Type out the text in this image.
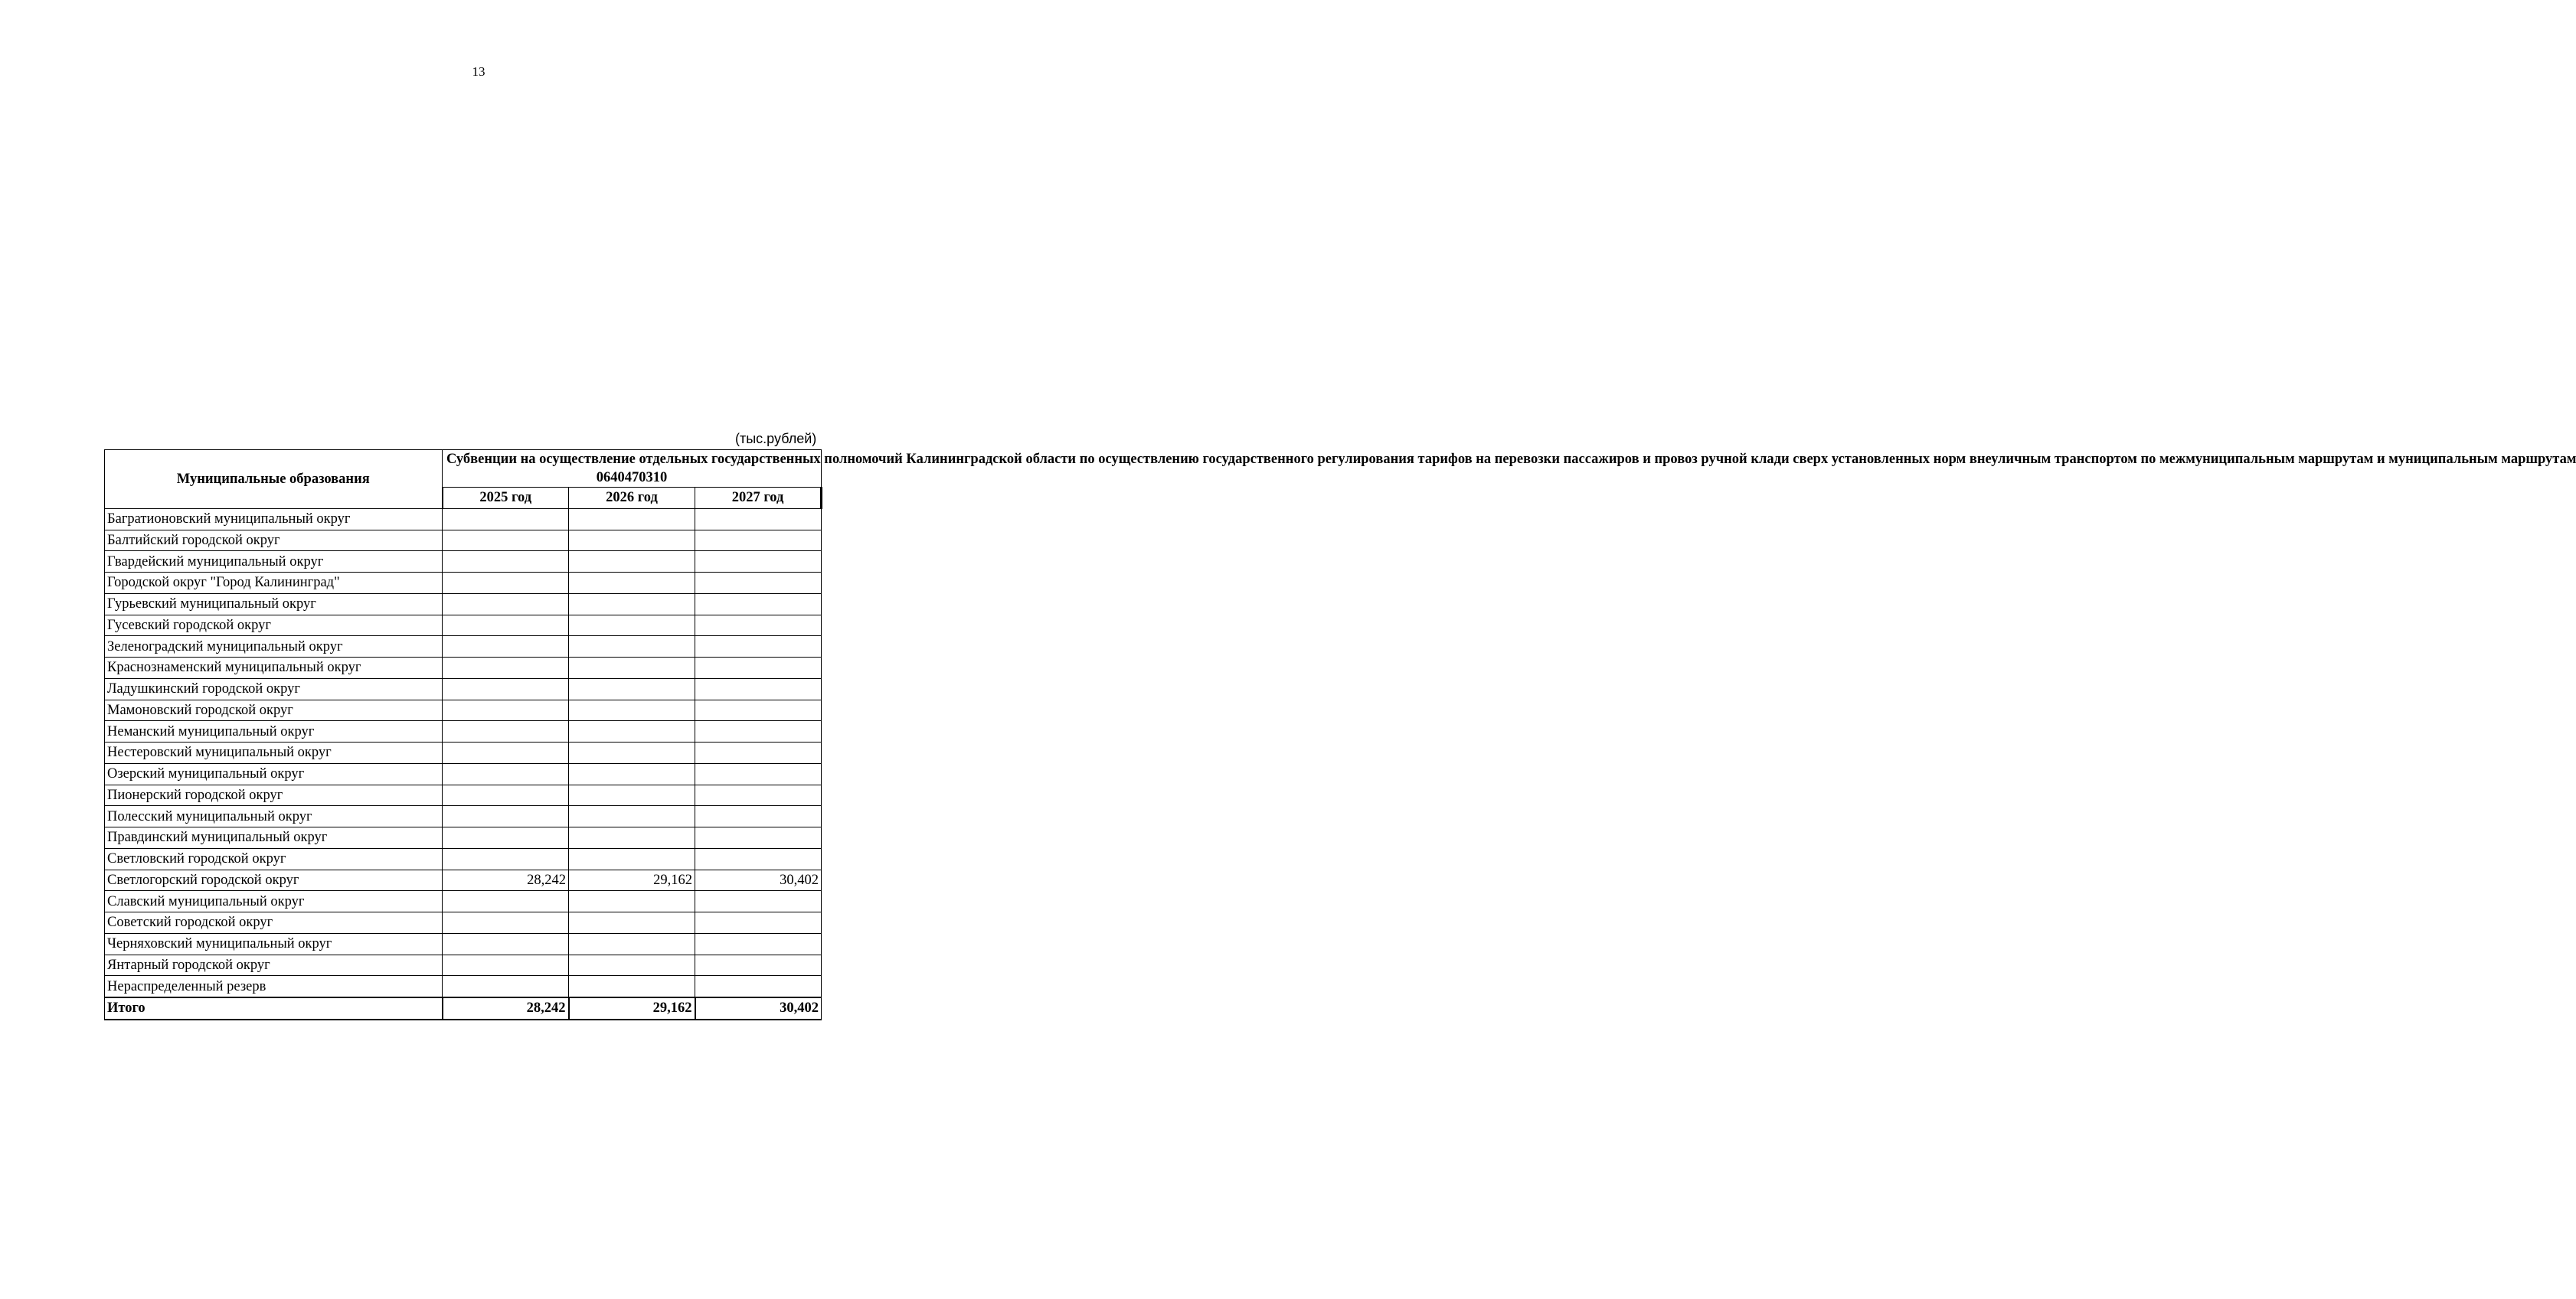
13
(тыс.рублей)
Муниципальные образования	Субвенции на осуществление отдельных государственных полномочий Калининградской области по осуществлению государственного регулирования тарифов на перевозки пассажиров и провоз ручной клади сверх установленных норм внеуличным транспортом по межмуниципальным маршрутам и муниципальным маршрутам
0640470310		

	2025 год	2026 год	2027 год
Багратионовский муниципальный округ			
Балтийский городской округ			
Гвардейский муниципальный округ			
Городской округ "Город Калининград"			
Гурьевский муниципальный округ			
Гусевский городской округ			
Зеленоградский муниципальный округ			
Краснознаменский муниципальный округ			
Ладушкинский городской округ			
Мамоновский городской округ			
Неманский муниципальный округ			
Нестеровский муниципальный округ			
Озерский муниципальный округ			
Пионерский городской округ			
Полесский муниципальный округ			
Правдинский муниципальный округ			
Светловский городской округ			
Светлогорский городской округ	28,242	29,162	30,402
Славский муниципальный округ			
Советский городской округ			
Черняховский муниципальный округ			
Янтарный городской округ			
Нераспределенный резерв			
Итого	28,242	29,162	30,402
